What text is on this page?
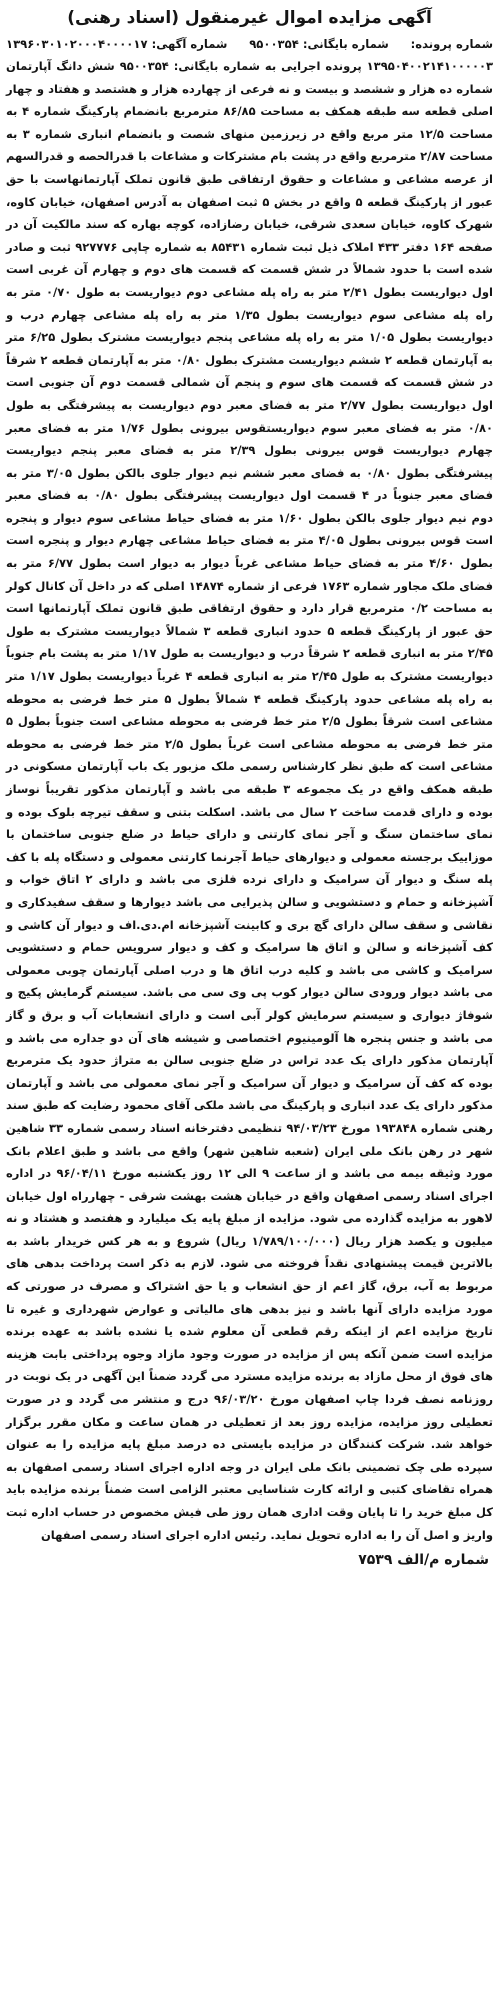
آگهی مزایده اموال غیرمنقول (اسناد رهنی)
شماره پرونده:
شماره بایگانی: ۹۵۰۰۳۵۴
شماره آگهی: ۱۳۹۶۰۳۰۱۰۲۰۰۰۴۰۰۰۰۱۷

۱۳۹۵۰۴۰۰۲۱۴۱۰۰۰۰۰۳ پرونده اجرایی به شماره بایگانی: ۹۵۰۰۳۵۴ شش دانگ آپارتمان شماره ده هزار و ششصد و بیست و نه فرعی از چهارده هزار و هشتصد و هفتاد و چهار اصلی قطعه سه طبقه همکف به مساحت ۸۶/۸۵ مترمربع بانضمام پارکینگ شماره ۴ به مساحت ۱۲/۵ متر مربع واقع در زیرزمین منهای شصت و بانضمام انباری شماره ۳ به مساحت ۲/۸۷ مترمربع واقع در پشت بام مشترکات و مشاعات با قدرالحصه و قدرالسهم از عرصه مشاعی و مشاعات و حقوق ارتفاقی طبق قانون تملک آپارتمانهاست با حق عبور از پارکینگ قطعه ۵ واقع در بخش ۵ ثبت اصفهان به آدرس اصفهان، خیابان کاوه، شهرک کاوه، خیابان سعدی شرقی، خیابان رضازاده، کوچه بهاره که سند مالکیت آن در صفحه ۱۶۴ دفتر ۴۳۳ املاک ذیل ثبت شماره ۸۵۴۳۱ به شماره چاپی ۹۲۷۷۷۶ ثبت و صادر شده است با حدود شمالاً در شش قسمت که قسمت های دوم و چهارم آن غربی است اول دیواریست بطول ۲/۴۱ متر به راه پله مشاعی دوم دیواریست به طول ۰/۷۰ متر به راه پله مشاعی سوم دیواریست بطول ۱/۳۵ متر به راه پله مشاعی چهارم درب و دیواریست بطول ۱/۰۵ متر به راه پله مشاعی پنجم دیواریست مشترک بطول ۶/۲۵ متر به آپارتمان قطعه ۲ ششم دیواریست مشترک بطول ۰/۸۰ متر به آپارتمان قطعه ۲ شرقاً در شش قسمت که قسمت های سوم و پنجم آن شمالی قسمت دوم آن جنوبی است اول دیواریست بطول ۲/۷۷ متر به فضای معبر دوم دیواریست به پیشرفتگی به طول ۰/۸۰ متر به فضای معبر سوم دیواریستقوس بیرونی بطول ۱/۷۶ متر به فضای معبر چهارم دیواریست قوس بیرونی بطول ۲/۳۹ متر به فضای معبر پنجم دیواریست پیشرفتگی بطول ۰/۸۰ به فضای معبر ششم نیم دیوار جلوی بالکن بطول ۳/۰۵ متر به فضای معبر جنوباً در ۴ قسمت اول دیواریست پیشرفتگی بطول ۰/۸۰ به فضای معبر دوم نیم دیوار جلوی بالکن بطول ۱/۶۰ متر به فضای حیاط مشاعی سوم دیوار و پنجره است قوس بیرونی بطول ۴/۰۵ متر به فضای حیاط مشاعی چهارم دیوار و پنجره است بطول ۴/۶۰ متر به فضای حیاط مشاعی غرباً دیوار به دیوار است بطول ۶/۷۷ متر به فضای ملک مجاور شماره ۱۷۶۳ فرعی از شماره ۱۴۸۷۴ اصلی که در داخل آن کانال کولر به مساحت ۰/۲ مترمربع قرار دارد و حقوق ارتفاقی طبق قانون تملک آپارتمانها است حق عبور از پارکینگ قطعه ۵ حدود انباری قطعه ۳ شمالاً دیواریست مشترک به طول ۲/۴۵ متر به انباری قطعه ۲ شرقاً درب و دیواریست به طول ۱/۱۷ متر به پشت بام جنوباً دیواریست مشترک به طول ۲/۴۵ متر به انباری قطعه ۴ غرباً دیواریست بطول ۱/۱۷ متر به راه پله مشاعی حدود پارکینگ قطعه ۴ شمالاً بطول ۵ متر خط فرضی به محوطه مشاعی است شرقاً بطول ۲/۵ متر خط فرضی به محوطه مشاعی است جنوباً بطول ۵ متر خط فرضی به محوطه مشاعی است غرباً بطول ۲/۵ متر خط فرضی به محوطه مشاعی است که طبق نظر کارشناس رسمی ملک مزبور یک باب آپارتمان مسکونی در طبقه همکف واقع در یک مجموعه ۳ طبقه می باشد و آپارتمان مذکور تقریباً نوساز بوده و دارای قدمت ساخت ۲ سال می باشد. اسکلت بتنی و سقف تیرچه بلوک بوده و نمای ساختمان سنگ و آجر نمای کارتنی و دارای حیاط در ضلع جنوبی ساختمان با موزاییک برجسته معمولی و دیوارهای حیاط آجرنما کارتنی معمولی و دستگاه پله با کف پله سنگ و دیوار آن سرامیک و دارای نرده فلزی می باشد و دارای ۲ اتاق خواب و آشپزخانه و حمام و دستشویی و سالن پذیرایی می باشد دیوارها و سقف سفیدکاری و نقاشی و سقف سالن دارای گچ بری و کابینت آشپزخانه ام.دی.اف و دیوار آن کاشی و کف آشپزخانه و سالن و اتاق ها سرامیک و کف و دیوار سرویس حمام و دستشویی سرامیک و کاشی می باشد و کلیه درب اتاق ها و درب اصلی آپارتمان چوبی معمولی می باشد دیوار ورودی سالن دیوار کوب پی وی سی می باشد. سیستم گرمایش پکیج و شوفاژ دیواری و سیستم سرمایش کولر آبی است و دارای انشعابات آب و برق و گاز می باشد و جنس پنجره ها آلومینیوم اختصاصی و شیشه های آن دو جداره می باشد و آپارتمان مذکور دارای یک عدد تراس در ضلع جنوبی سالن به متراژ حدود یک مترمربع بوده که کف آن سرامیک و دیوار آن سرامیک و آجر نمای معمولی می باشد و آپارتمان مذکور دارای یک عدد انباری و پارکینگ می باشد ملکی آقای محمود رضایت که طبق سند رهنی شماره ۱۹۳۸۴۸ مورخ ۹۴/۰۳/۲۳ تنظیمی دفترخانه اسناد رسمی شماره ۳۳ شاهین شهر در رهن بانک ملی ایران (شعبه شاهین شهر) واقع می باشد و طبق اعلام بانک مورد وثیقه بیمه می باشد و از ساعت ۹ الی ۱۲ روز یکشنبه مورخ ۹۶/۰۴/۱۱ در اداره اجرای اسناد رسمی اصفهان واقع در خیابان هشت بهشت شرقی - چهارراه اول خیابان لاهور به مزایده گذارده می شود. مزایده از مبلغ پایه یک میلیارد و هفتصد و هشتاد و نه میلیون و یکصد هزار ریال (۱/۷۸۹/۱۰۰/۰۰۰ ریال) شروع و به هر کس خریدار باشد به بالاترین قیمت پیشنهادی نقداً فروخته می شود. لازم به ذکر است پرداخت بدهی های مربوط به آب، برق، گاز اعم از حق انشعاب و یا حق اشتراک و مصرف در صورتی که مورد مزایده دارای آنها باشد و نیز بدهی های مالیاتی و عوارض شهرداری و غیره تا تاریخ مزایده اعم از اینکه رقم قطعی آن معلوم شده یا نشده باشد به عهده برنده مزایده است ضمن آنکه پس از مزایده در صورت وجود مازاد وجوه پرداختی بابت هزینه های فوق از محل مازاد به برنده مزایده مسترد می گردد ضمناً این آگهی در یک نوبت در روزنامه نصف فردا چاپ اصفهان مورخ ۹۶/۰۳/۲۰ درج و منتشر می گردد و در صورت تعطیلی روز مزایده، مزایده روز بعد از تعطیلی در همان ساعت و مکان مقرر برگزار خواهد شد. شرکت کنندگان در مزایده بایستی ده درصد مبلغ پایه مزایده را به عنوان سپرده طی چک تضمینی بانک ملی ایران در وجه اداره اجرای اسناد رسمی اصفهان به همراه تقاضای کتبی و ارائه کارت شناسایی معتبر الزامی است ضمناً برنده مزایده باید کل مبلغ خرید را تا پایان وقت اداری همان روز طی فیش مخصوص در حساب اداره ثبت واریز و اصل آن را به اداره تحویل نماید. رئیس اداره اجرای اسناد رسمی اصفهان

شماره م/الف ۷۵۳۹
